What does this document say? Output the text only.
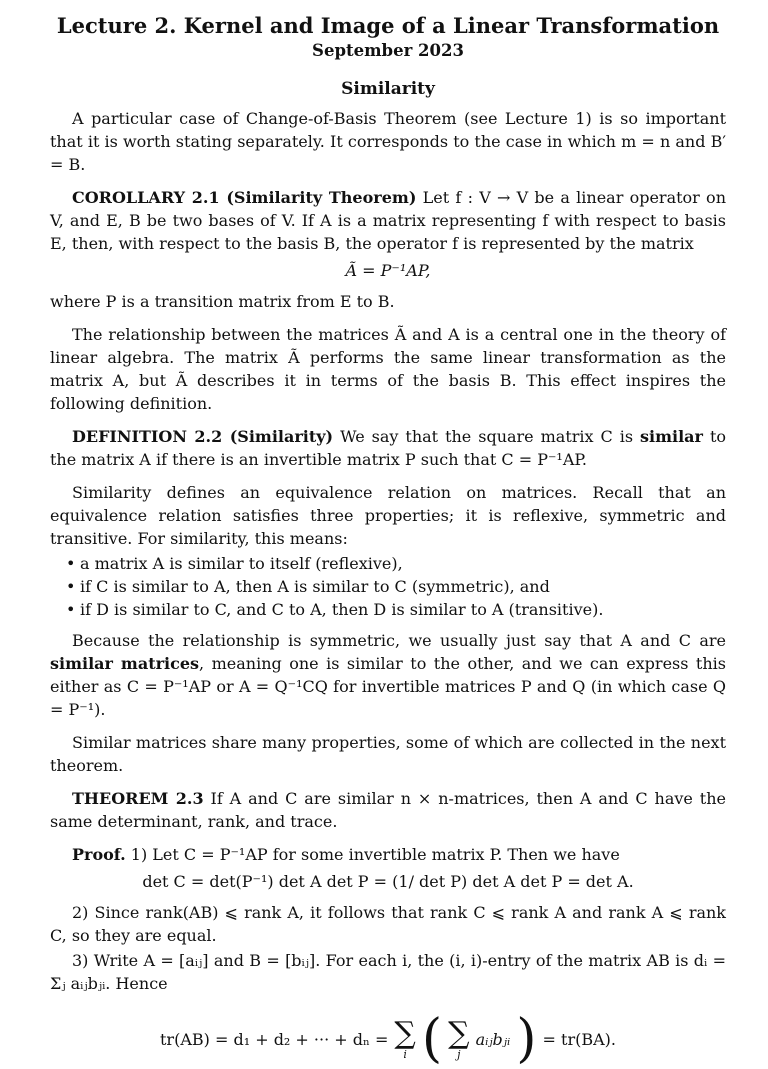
Lecture 2. Kernel and Image of a Linear Transformation
September 2023
Similarity

A particular case of Change-of-Basis Theorem (see Lecture 1) is so important that it is worth stating separately. It corresponds to the case in which m = n and B′ = B.

COROLLARY 2.1 (Similarity Theorem) Let f : V → V be a linear operator on V, and E, B be two bases of V. If A is a matrix representing f with respect to basis E, then, with respect to the basis B, the operator f is represented by the matrix

Ã = P⁻¹AP,

where P is a transition matrix from E to B.

The relationship between the matrices Ã and A is a central one in the theory of linear algebra. The matrix Ã performs the same linear transformation as the matrix A, but Ã describes it in terms of the basis B. This effect inspires the following definition.

DEFINITION 2.2 (Similarity) We say that the square matrix C is similar to the matrix A if there is an invertible matrix P such that C = P⁻¹AP.

Similarity defines an equivalence relation on matrices. Recall that an equivalence relation satisfies three properties; it is reflexive, symmetric and transitive. For similarity, this means:

• a matrix A is similar to itself (reflexive),
• if C is similar to A, then A is similar to C (symmetric), and
• if D is similar to C, and C to A, then D is similar to A (transitive).

Because the relationship is symmetric, we usually just say that A and C are similar matrices, meaning one is similar to the other, and we can express this either as C = P⁻¹AP or A = Q⁻¹CQ for invertible matrices P and Q (in which case Q = P⁻¹).

Similar matrices share many properties, some of which are collected in the next theorem.

THEOREM 2.3 If A and C are similar n × n-matrices, then A and C have the same determinant, rank, and trace.

Proof. 1) Let C = P⁻¹AP for some invertible matrix P. Then we have

det C = det(P⁻¹) det A det P = (1/ det P) det A det P = det A.

2) Since rank(AB) ⩽ rank A, it follows that rank C ⩽ rank A and rank A ⩽ rank C, so they are equal.

3) Write A = [aᵢⱼ] and B = [bᵢⱼ]. For each i, the (i, i)-entry of the matrix AB is dᵢ = Σⱼ aᵢⱼbⱼᵢ. Hence

tr(AB) = d₁ + d₂ + ··· + dₙ = ∑
i ( ∑
j
aᵢⱼbⱼᵢ ) = tr(BA).
